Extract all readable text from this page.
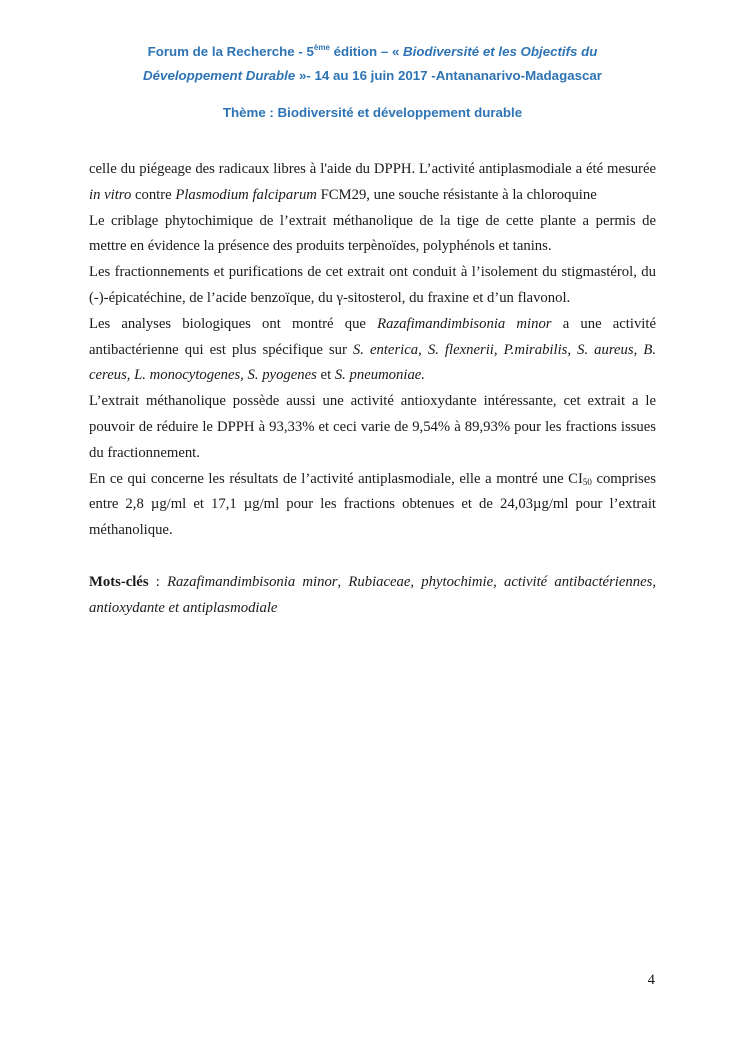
Forum de la Recherche - 5ème édition – « Biodiversité et les Objectifs du
Développement Durable »- 14 au 16 juin 2017 -Antananarivo-Madagascar
Thème : Biodiversité et développement durable

celle du piégeage des radicaux libres à l'aide du DPPH. L’activité antiplasmodiale a été mesurée in vitro contre Plasmodium falciparum FCM29, une souche résistante à la chloroquine

Le criblage phytochimique de l’extrait méthanolique de la tige de cette plante a permis de mettre en évidence la présence des produits terpènoïdes, polyphénols et tanins.

Les fractionnements et purifications de cet extrait ont conduit à l’isolement du stigmastérol, du (-)-épicatéchine, de l’acide benzoïque, du γ-sitosterol, du fraxine et d’un flavonol.

Les analyses biologiques ont montré que Razafimandimbisonia minor a une activité antibactérienne qui est plus spécifique sur S. enterica, S. flexnerii, P.mirabilis, S. aureus, B. cereus, L. monocytogenes, S. pyogenes et S. pneumoniae.

L’extrait méthanolique possède aussi une activité antioxydante intéressante, cet extrait a le pouvoir de réduire le DPPH à 93,33% et ceci varie de 9,54% à 89,93% pour les fractions issues du fractionnement.

En ce qui concerne les résultats de l’activité antiplasmodiale, elle a montré une $CI_{50}$ comprises entre 2,8 µg/ml et 17,1 µg/ml pour les fractions obtenues et de 24,03µg/ml pour l’extrait méthanolique.

Mots-clés : Razafimandimbisonia minor, Rubiaceae, phytochimie, activité antibactériennes, antioxydante et antiplasmodiale

4
